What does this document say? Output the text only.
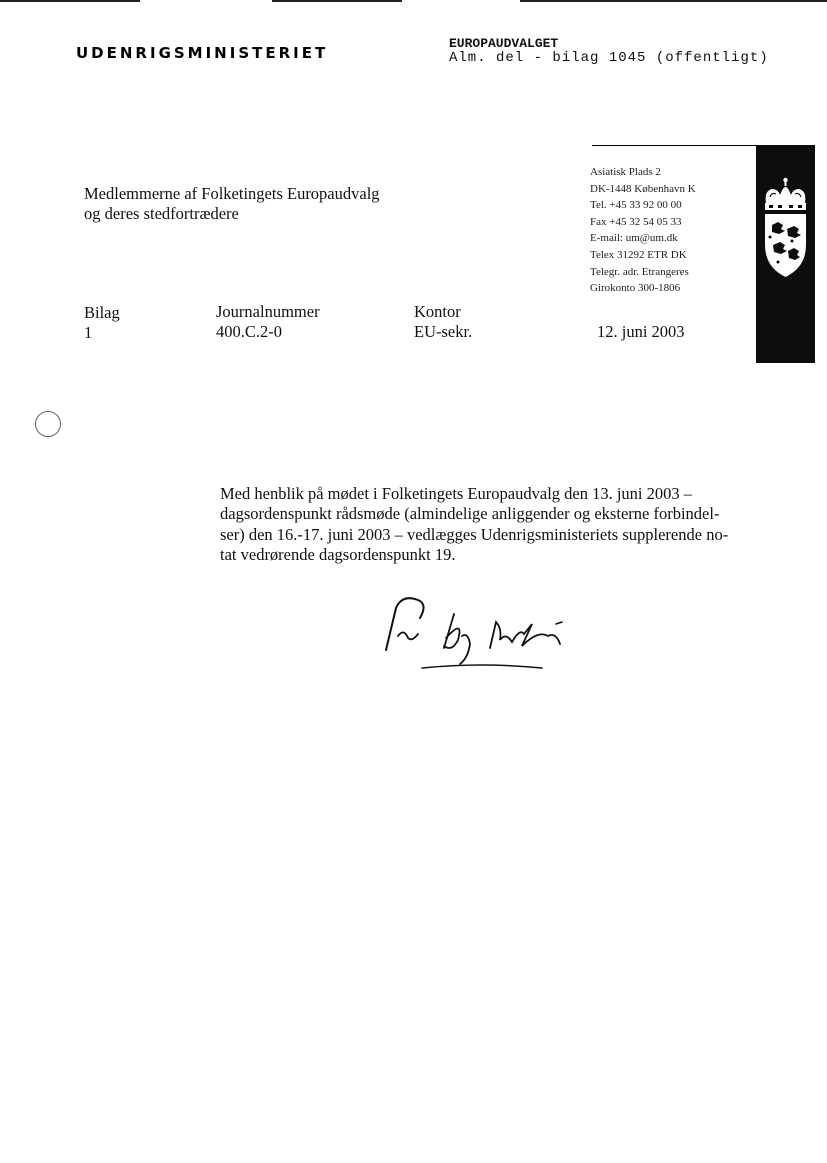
UDENRIGSMINISTERIET
EUROPAUDVALGET
Alm. del - bilag 1045 (offentligt)
Medlemmerne af Folketingets Europaudvalg
og deres stedfortrædere
Asiatisk Plads 2
DK-1448 København K
Tel. +45 33 92 00 00
Fax +45 32 54 05 33
E-mail: um@um.dk
Telex 31292 ETR DK
Telegr. adr. Etrangeres
Girokonto 300-1806
Bilag
1
Journalnummer
400.C.2-0
Kontor
EU-sekr.	12. juni 2003
Med henblik på mødet i Folketingets Europaudvalg den 13. juni 2003 –
dagsordenspunkt rådsmøde (almindelige anliggender og eksterne forbindel-
ser) den 16.-17. juni 2003 – vedlægges Udenrigsministeriets supplerende no-
tat vedrørende dagsordenspunkt 19.
